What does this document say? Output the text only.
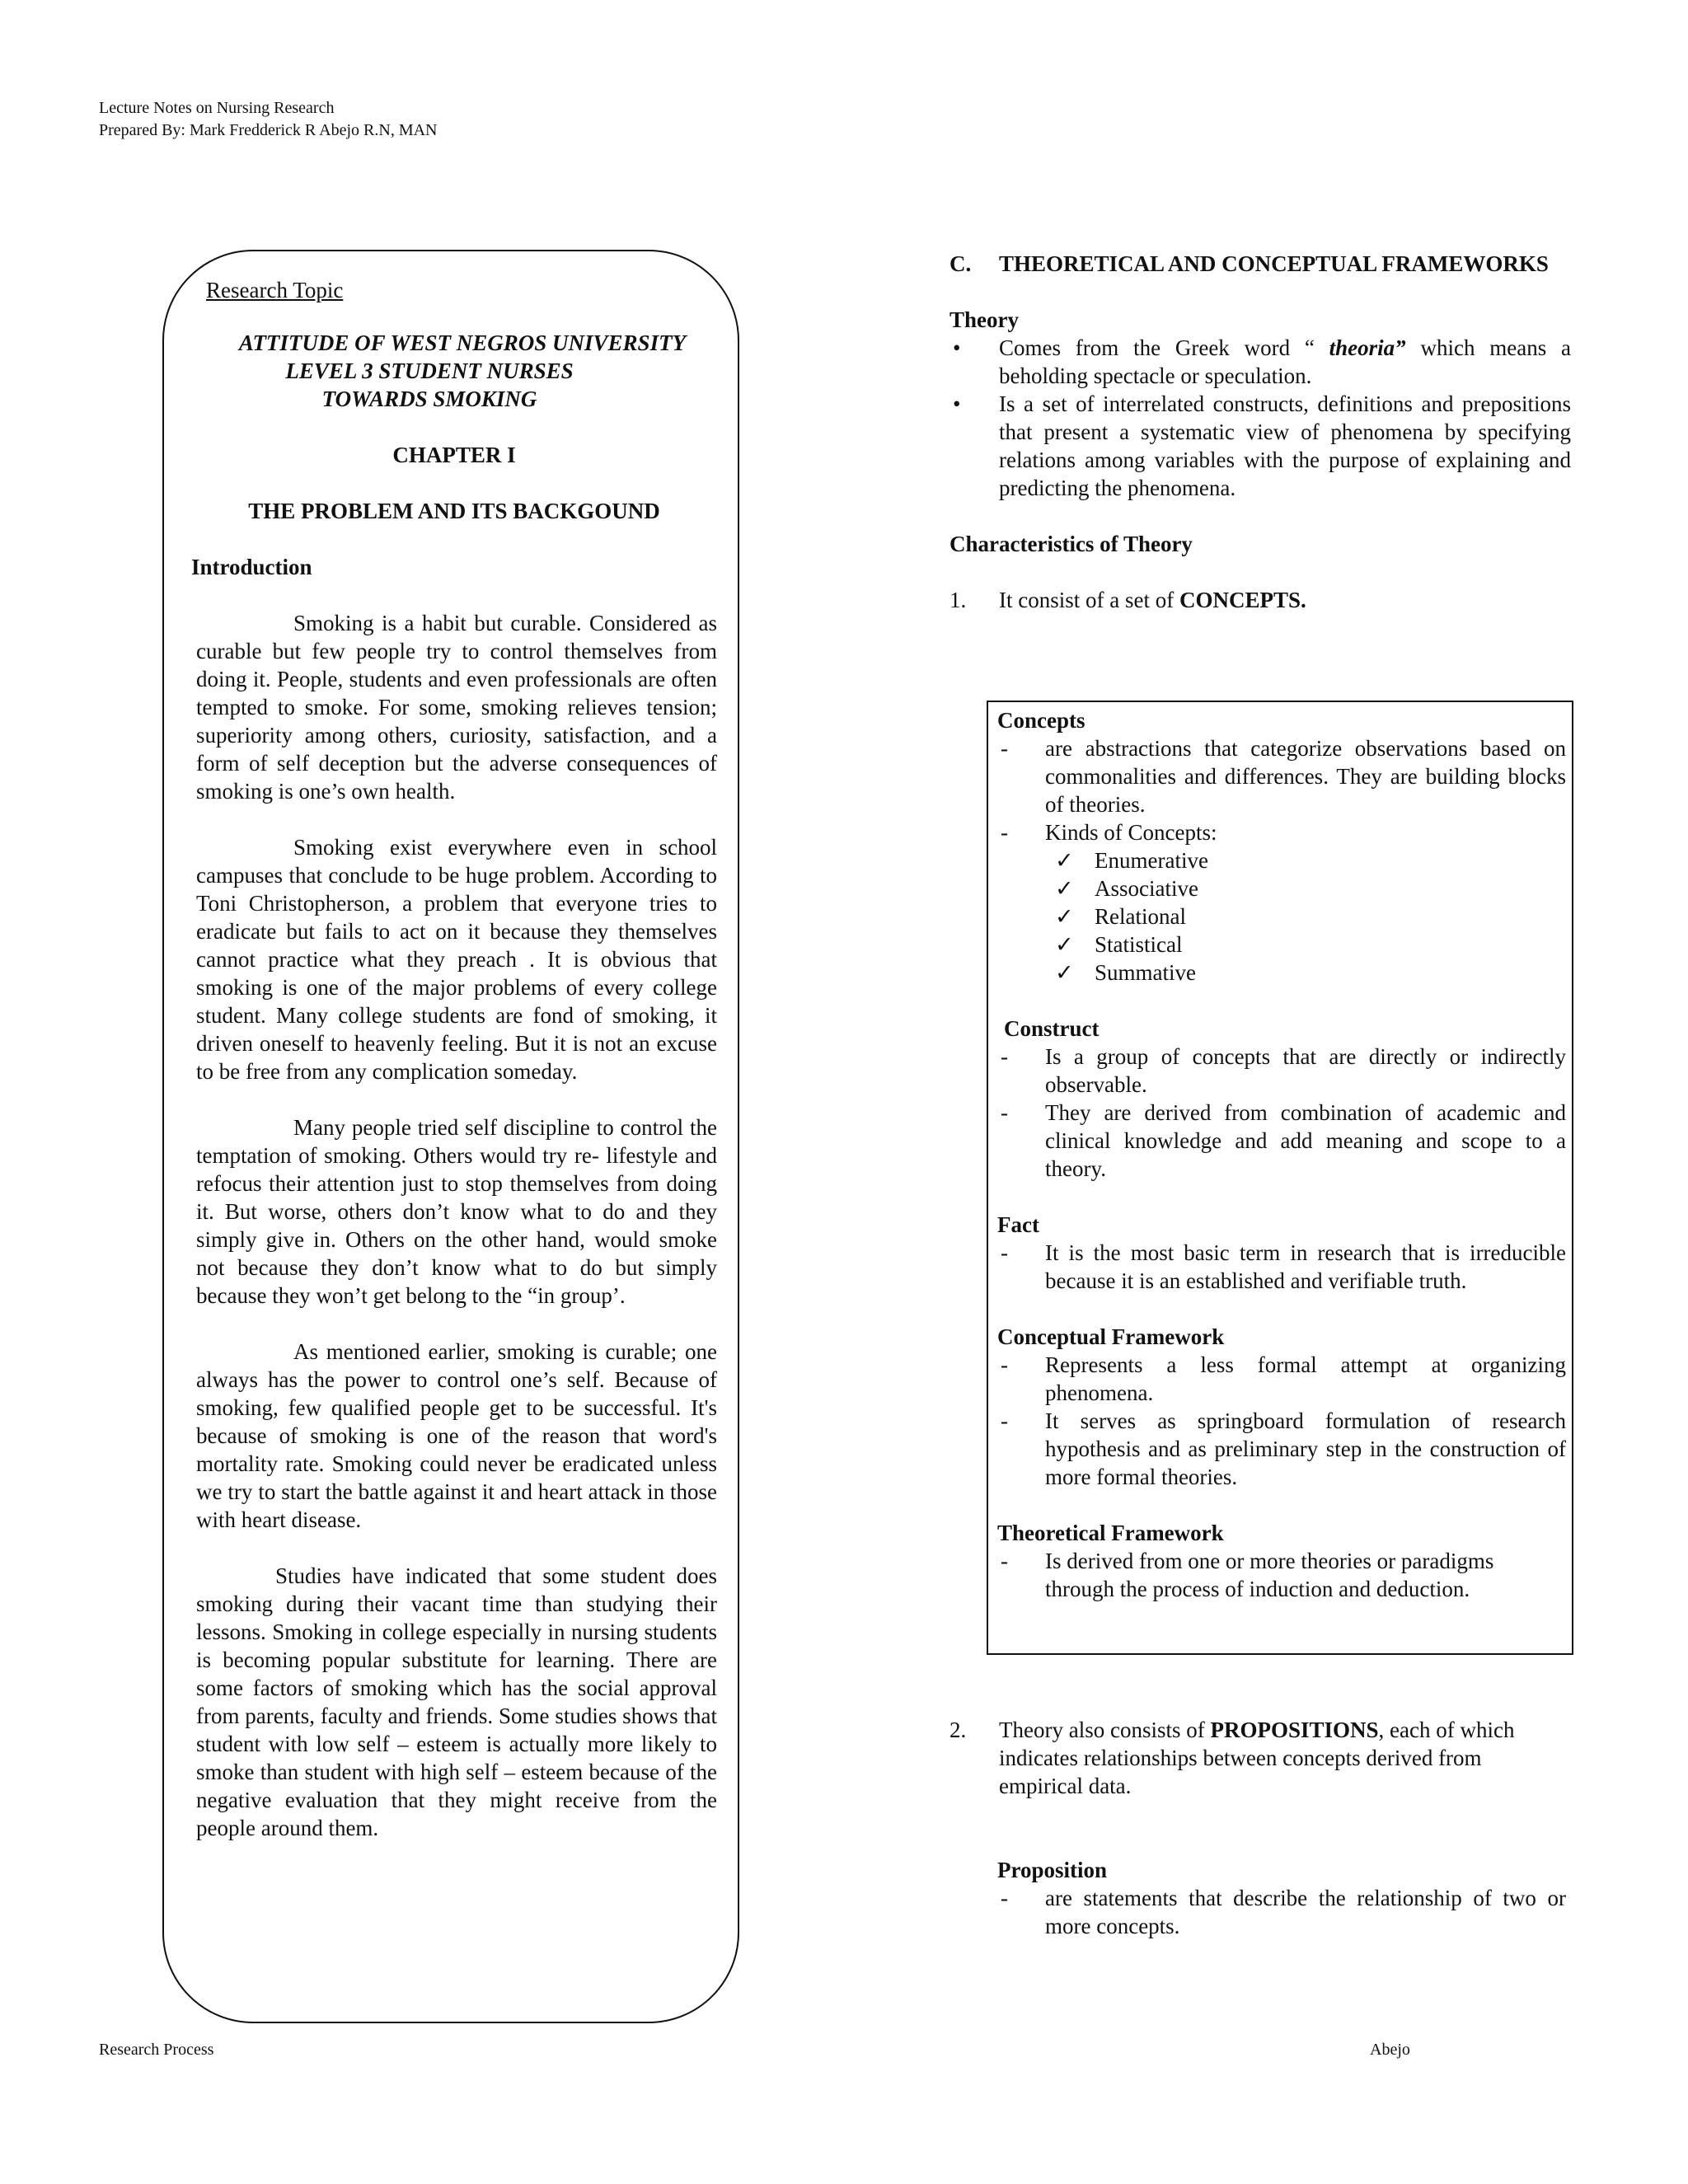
Lecture Notes on Nursing Research
Prepared By: Mark Fredderick R Abejo R.N, MAN
Research Topic
ATTITUDE OF WEST NEGROS UNIVERSITY
LEVEL 3 STUDENT NURSES
TOWARDS SMOKING
CHAPTER I
THE PROBLEM AND ITS BACKGOUND
Introduction
Smoking is a habit but curable. Considered as curable but few people try to control themselves from doing it. People, students and even professionals are often tempted to smoke. For some, smoking relieves tension; superiority among others, curiosity, satisfaction, and a form of self deception but the adverse consequences of smoking is one’s own health.
Smoking exist everywhere even in school campuses that conclude to be huge problem. According to Toni Christopherson, a problem that everyone tries to eradicate but fails to act on it because they themselves cannot practice what they preach . It is obvious that smoking is one of the major problems of every college student. Many college students are fond of smoking, it driven oneself to heavenly feeling. But it is not an excuse to be free from any complication someday.
Many people tried self discipline to control the temptation of smoking. Others would try re- lifestyle and refocus their attention just to stop themselves from doing it. But worse, others don’t know what to do and they simply give in. Others on the other hand, would smoke not because they don’t know what to do but simply because they won’t get belong to the “in group’.
As mentioned earlier, smoking is curable; one always has the power to control one’s self. Because of smoking, few qualified people get to be successful. It's because of smoking is one of the reason that word's mortality rate. Smoking could never be eradicated unless we try to start the battle against it and heart attack in those with heart disease.
Studies have indicated that some student does smoking during their vacant time than studying their lessons. Smoking in college especially in nursing students is becoming popular substitute for learning. There are some factors of smoking which has the social approval from parents, faculty and friends. Some studies shows that student with low self – esteem is actually more likely to smoke than student with high self – esteem because of the negative evaluation that they might receive from the people around them.
C.	THEORETICAL AND CONCEPTUAL FRAMEWORKS
Theory
•	Comes from the Greek word “ theoria” which means a beholding spectacle or speculation.
•	Is a set of interrelated constructs, definitions and prepositions that present a systematic view of phenomena by specifying relations among variables with the purpose of explaining and predicting the phenomena.
Characteristics of Theory
1.	It consist of a set of CONCEPTS.
Concepts
-	are abstractions that categorize observations based on commonalities and differences. They are building blocks of theories.
-	Kinds of Concepts:
✓ Enumerative
✓ Associative
✓ Relational
✓ Statistical
✓ Summative
Construct
-	Is a group of concepts that are directly or indirectly observable.
-	They are derived from combination of academic and clinical knowledge and add meaning and scope to a theory.
Fact
-	It is the most basic term in research that is irreducible because it is an established and verifiable truth.
Conceptual Framework
-	Represents a less formal attempt at organizing phenomena.
-	It serves as springboard formulation of research hypothesis and as preliminary step in the construction of more formal theories.
Theoretical Framework
-	Is derived from one or more theories or paradigms through the process of induction and deduction.
2.	Theory also consists of PROPOSITIONS, each of which indicates relationships between concepts derived from empirical data.
Proposition
-	are statements that describe the relationship of two or more concepts.
Research Process	Abejo
